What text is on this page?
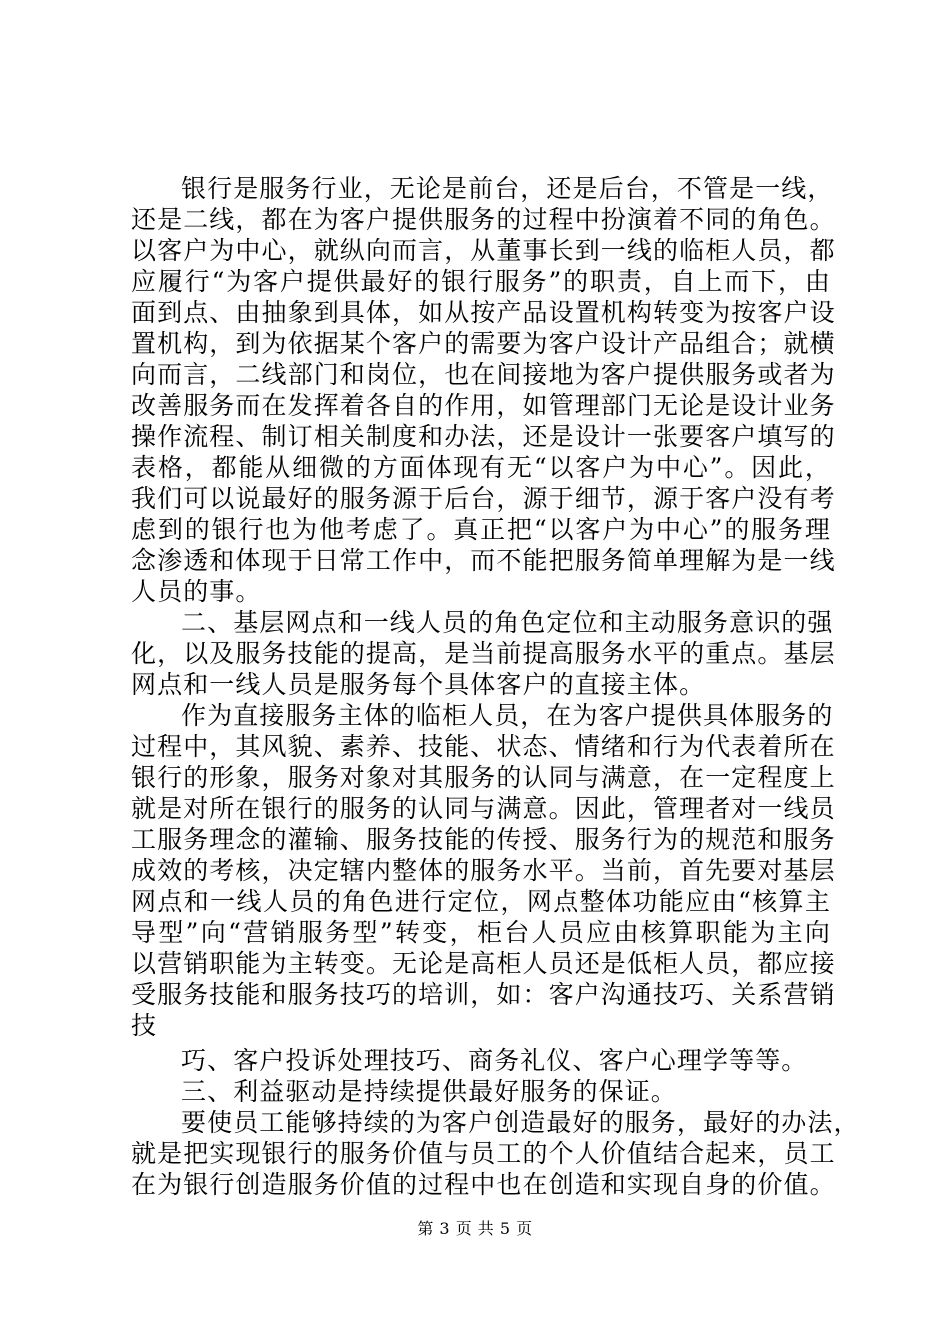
银行是服务行业，无论是前台，还是后台，不管是一线，
还是二线，都在为客户提供服务的过程中扮演着不同的角色。
以客户为中心，就纵向而言，从董事长到一线的临柜人员，都
应履行“为客户提供最好的银行服务”的职责，自上而下，由
面到点、由抽象到具体，如从按产品设置机构转变为按客户设
置机构，到为依据某个客户的需要为客户设计产品组合；就横
向而言，二线部门和岗位，也在间接地为客户提供服务或者为
改善服务而在发挥着各自的作用，如管理部门无论是设计业务
操作流程、制订相关制度和办法，还是设计一张要客户填写的
表格，都能从细微的方面体现有无“以客户为中心”。因此，
我们可以说最好的服务源于后台，源于细节，源于客户没有考
虑到的银行也为他考虑了。真正把“以客户为中心”的服务理
念渗透和体现于日常工作中，而不能把服务简单理解为是一线
人员的事。
二、基层网点和一线人员的角色定位和主动服务意识的强
化，以及服务技能的提高，是当前提高服务水平的重点。基层
网点和一线人员是服务每个具体客户的直接主体。
作为直接服务主体的临柜人员，在为客户提供具体服务的
过程中，其风貌、素养、技能、状态、情绪和行为代表着所在
银行的形象，服务对象对其服务的认同与满意，在一定程度上
就是对所在银行的服务的认同与满意。因此，管理者对一线员
工服务理念的灌输、服务技能的传授、服务行为的规范和服务
成效的考核，决定辖内整体的服务水平。当前，首先要对基层
网点和一线人员的角色进行定位，网点整体功能应由“核算主
导型”向“营销服务型”转变，柜台人员应由核算职能为主向
以营销职能为主转变。无论是高柜人员还是低柜人员，都应接
受服务技能和服务技巧的培训，如：客户沟通技巧、关系营销
技
巧、客户投诉处理技巧、商务礼仪、客户心理学等等。
三、利益驱动是持续提供最好服务的保证。
要使员工能够持续的为客户创造最好的服务，最好的办法，
就是把实现银行的服务价值与员工的个人价值结合起来，员工
在为银行创造服务价值的过程中也在创造和实现自身的价值。
第 3 页 共 5 页
